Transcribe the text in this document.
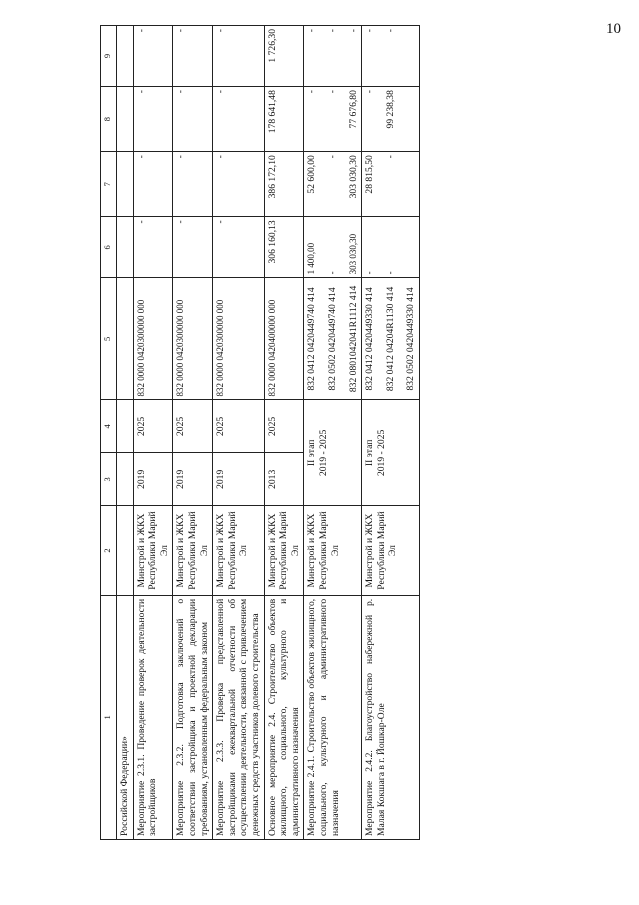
10
1	2	3	4	5	6	7	8	9
Российской Федерации»								
Мероприятие 2.3.1. Проведение проверок деятельности застройщиков	Минстрой и ЖКХ Республики Марий Эл	2019	2025	832 0000 0420300000 000	-	-	-	-

Мероприятие 2.3.2. Подготовка заключений о соответствии застройщика и проектной декларации требованиям, установленным федеральным законом	Минстрой и ЖКХ Республики Марий Эл	2019	2025	832 0000 0420300000 000	-	-	-	-

Мероприятие 2.3.3. Проверка представленной застройщиками ежеквартальной отчетности об осуществлении деятельности, связанной с привлечением денежных средств участников долевого строительства	Минстрой и ЖКХ Республики Марий Эл	2019	2025	832 0000 0420300000 000	-	-	-	-

Основное мероприятие 2.4. Строительство объектов жилищного, социального, культурного и административного назначения	Минстрой и ЖКХ Республики Марий Эл	2013	2025	832 0000 0420400000 000	306 160,13	386 172,10	178 641,48	1 726,30

Мероприятие 2.4.1. Строительство объектов жилищного, социального, культурного и административного назначения	Минстрой и ЖКХ Республики Марий Эл	II этап 2019 - 2025		832 0412 0420449740 414 832 0502 0420449740 414 832 0801042041R1112 414	1 400,00 - 303 030,30	52 600,00 - 303 030,30	- - 77 676,80	- - -

Мероприятие 2.4.2. Благоустройство набережной р. Малая Кокшага в г. Йошкар-Оле	Минстрой и ЖКХ Республики Марий Эл	II этап 2019 - 2025		832 0412 0420449330 414 832 0412 04204R1130 414 832 0502 0420449330 414	- -	28 815,50 -	- 99 238,38	- -
